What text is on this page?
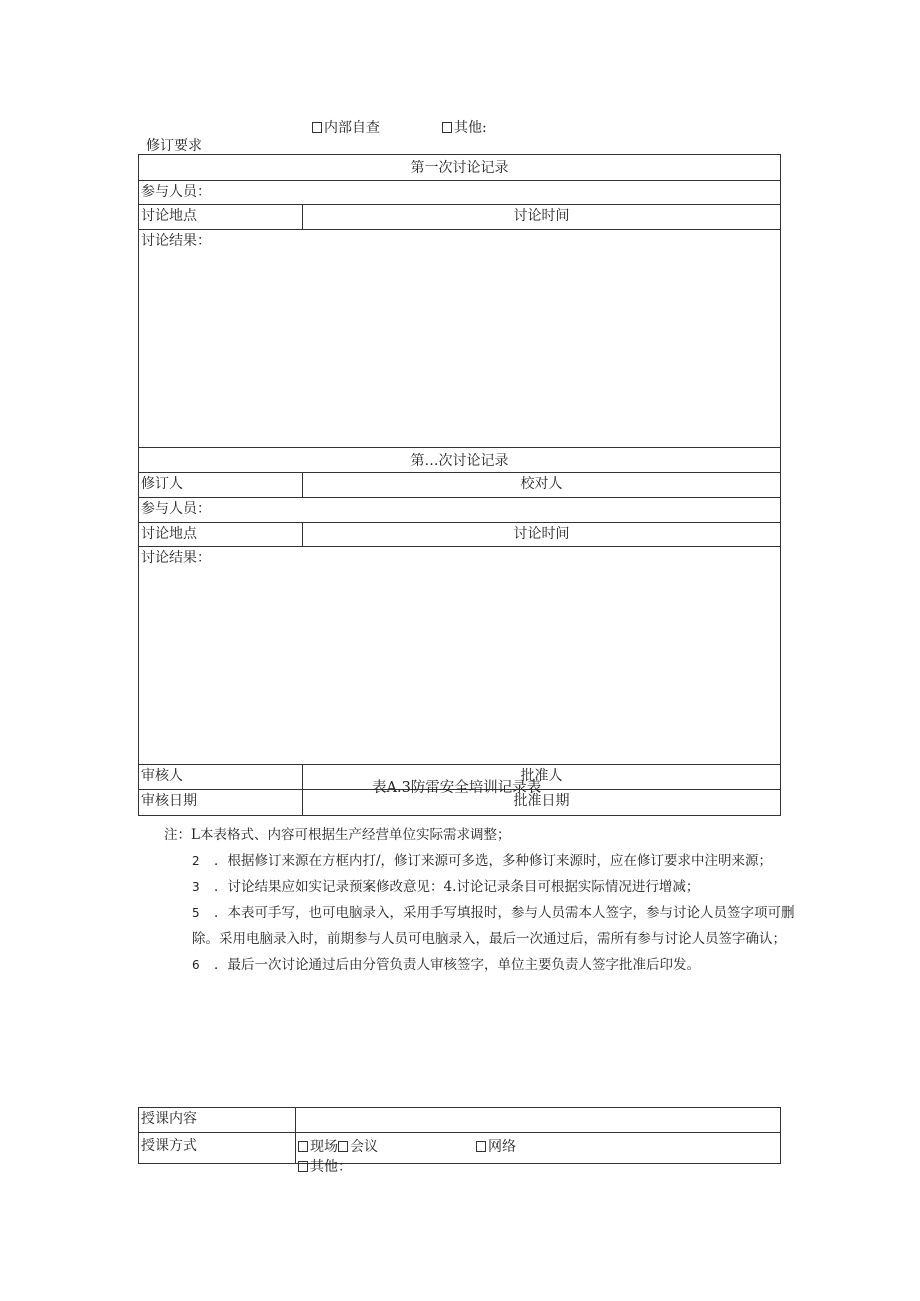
内部自查	其他:
修订要求
第一次讨论记录
参与人员：
讨论地点	讨论时间
讨论结果：
第…次讨论记录
修订人	校对人
参与人员：
讨论地点	讨论时间
讨论结果：
审核人	批准人
审核日期	批准日期
注：L本表格式、内容可根据生产经营单位实际需求调整；
2 ．根据修订来源在方框内打/，修订来源可多选，多种修订来源时，应在修订要求中注明来源；
3 ．讨论结果应如实记录预案修改意见：4.讨论记录条目可根据实际情况进行增减；
5 ．本表可手写，也可电脑录入，采用手写填报时，参与人员需本人签字，参与讨论人员签字项可删
除。采用电脑录入时，前期参与人员可电脑录入，最后一次通过后，需所有参与讨论人员签字确认；
6 ．最后一次讨论通过后由分管负责人审核签字，单位主要负责人签字批准后印发。
表A.3防雷安全培训记录表
授课内容
授课方式	现场 会议	网络
其他：
